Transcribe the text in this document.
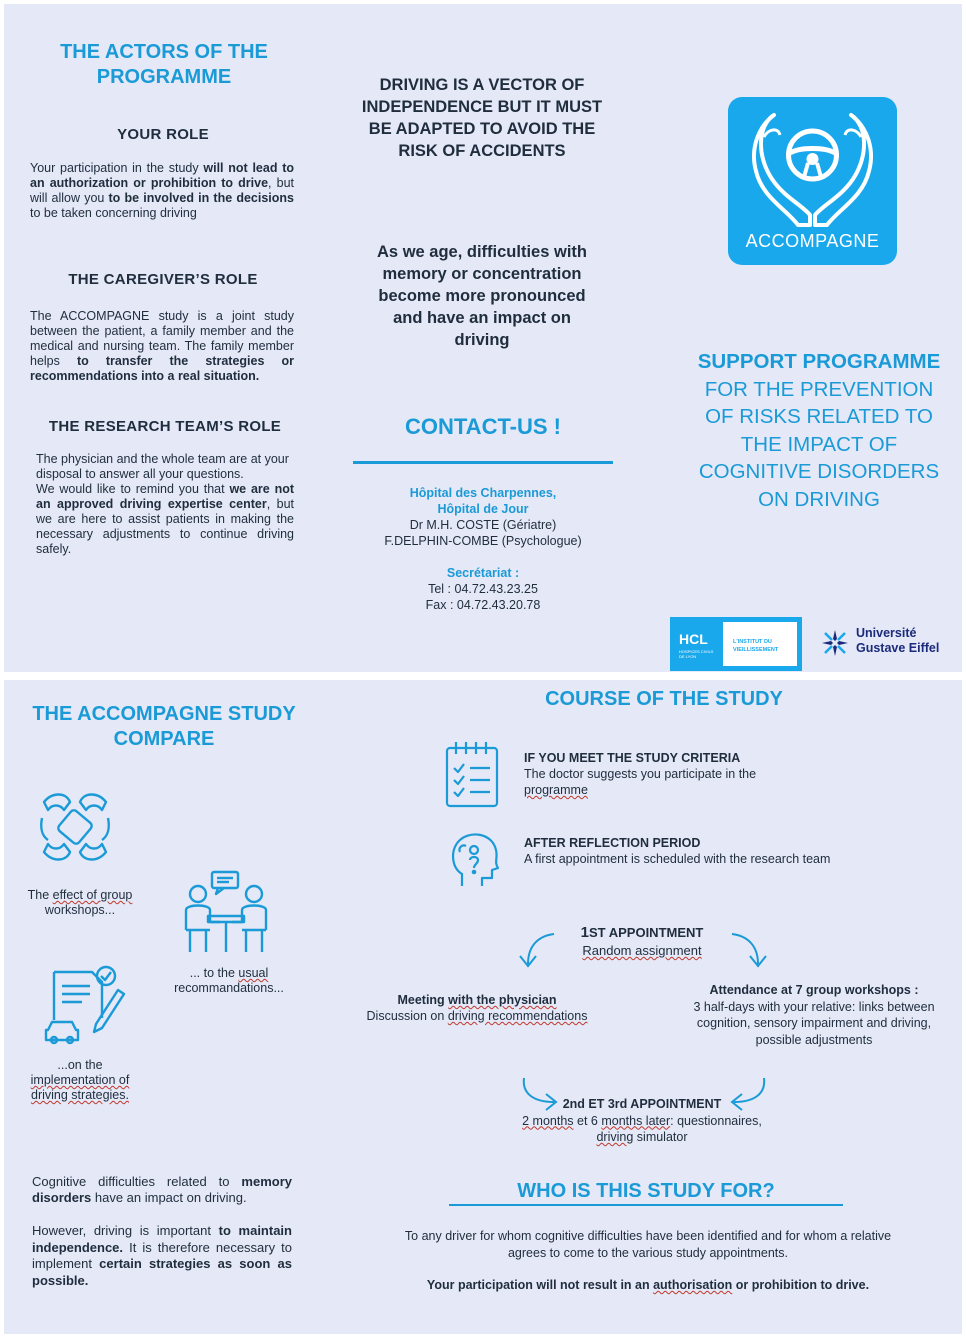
THE ACTORS OF THE PROGRAMME
YOUR ROLE
Your participation in the study will not lead to an authorization or prohibition to drive, but will allow you to be involved in the decisions to be taken concerning driving
THE CAREGIVER’S ROLE
The ACCOMPAGNE study is a joint study between the patient, a family member and the medical and nursing team. The family member helps to transfer the strategies or recommendations into a real situation.
THE RESEARCH TEAM’S ROLE
The physician and the whole team are at your disposal to answer all your questions.
We would like to remind you that we are not an approved driving expertise center, but we are here to assist patients in making the necessary adjustments to continue driving safely.
DRIVING IS A VECTOR OF INDEPENDENCE BUT IT MUST BE ADAPTED TO AVOID THE RISK OF ACCIDENTS
As we age, difficulties with memory or concentration become more pronounced and have an impact on driving
CONTACT-US !
Hôpital des Charpennes,
Hôpital de Jour
Dr M.H. COSTE (Gériatre)
F.DELPHIN-COMBE (Psychologue)
Secrétariat :
Tel : 04.72.43.23.25
Fax : 04.72.43.20.78
ACCOMPAGNE
SUPPORT PROGRAMME
FOR THE PREVENTION OF RISKS RELATED TO THE IMPACT OF COGNITIVE DISORDERS ON DRIVING
HCL
HOSPICES CIVILS DE LYON
L'INSTITUT DU
VIEILLISSEMENT
Université
Gustave Eiffel
THE ACCOMPAGNE STUDY
COMPARE
The effect of group
workshops...
... to the usual
recommandations...
...on the
implementation of
driving strategies.
Cognitive difficulties related to memory disorders have an impact on driving.
However, driving is important to maintain independence. It is therefore necessary to implement certain strategies as soon as possible.
COURSE OF THE STUDY
IF YOU MEET THE STUDY CRITERIA
The doctor suggests you participate in the
programme
AFTER REFLECTION PERIOD
A first appointment is scheduled with the research team
1ST APPOINTMENT
Random assignment
Meeting with the physician
Discussion on driving recommendations
Attendance at 7 group workshops :
3 half-days with your relative: links between cognition, sensory impairment and driving, possible adjustments
2nd ET 3rd APPOINTMENT
2 months et 6 months later: questionnaires,
driving simulator
WHO IS THIS STUDY FOR?
To any driver for whom cognitive difficulties have been identified and for whom a relative agrees to come to the various study appointments.
Your participation will not result in an authorisation or prohibition to drive.
